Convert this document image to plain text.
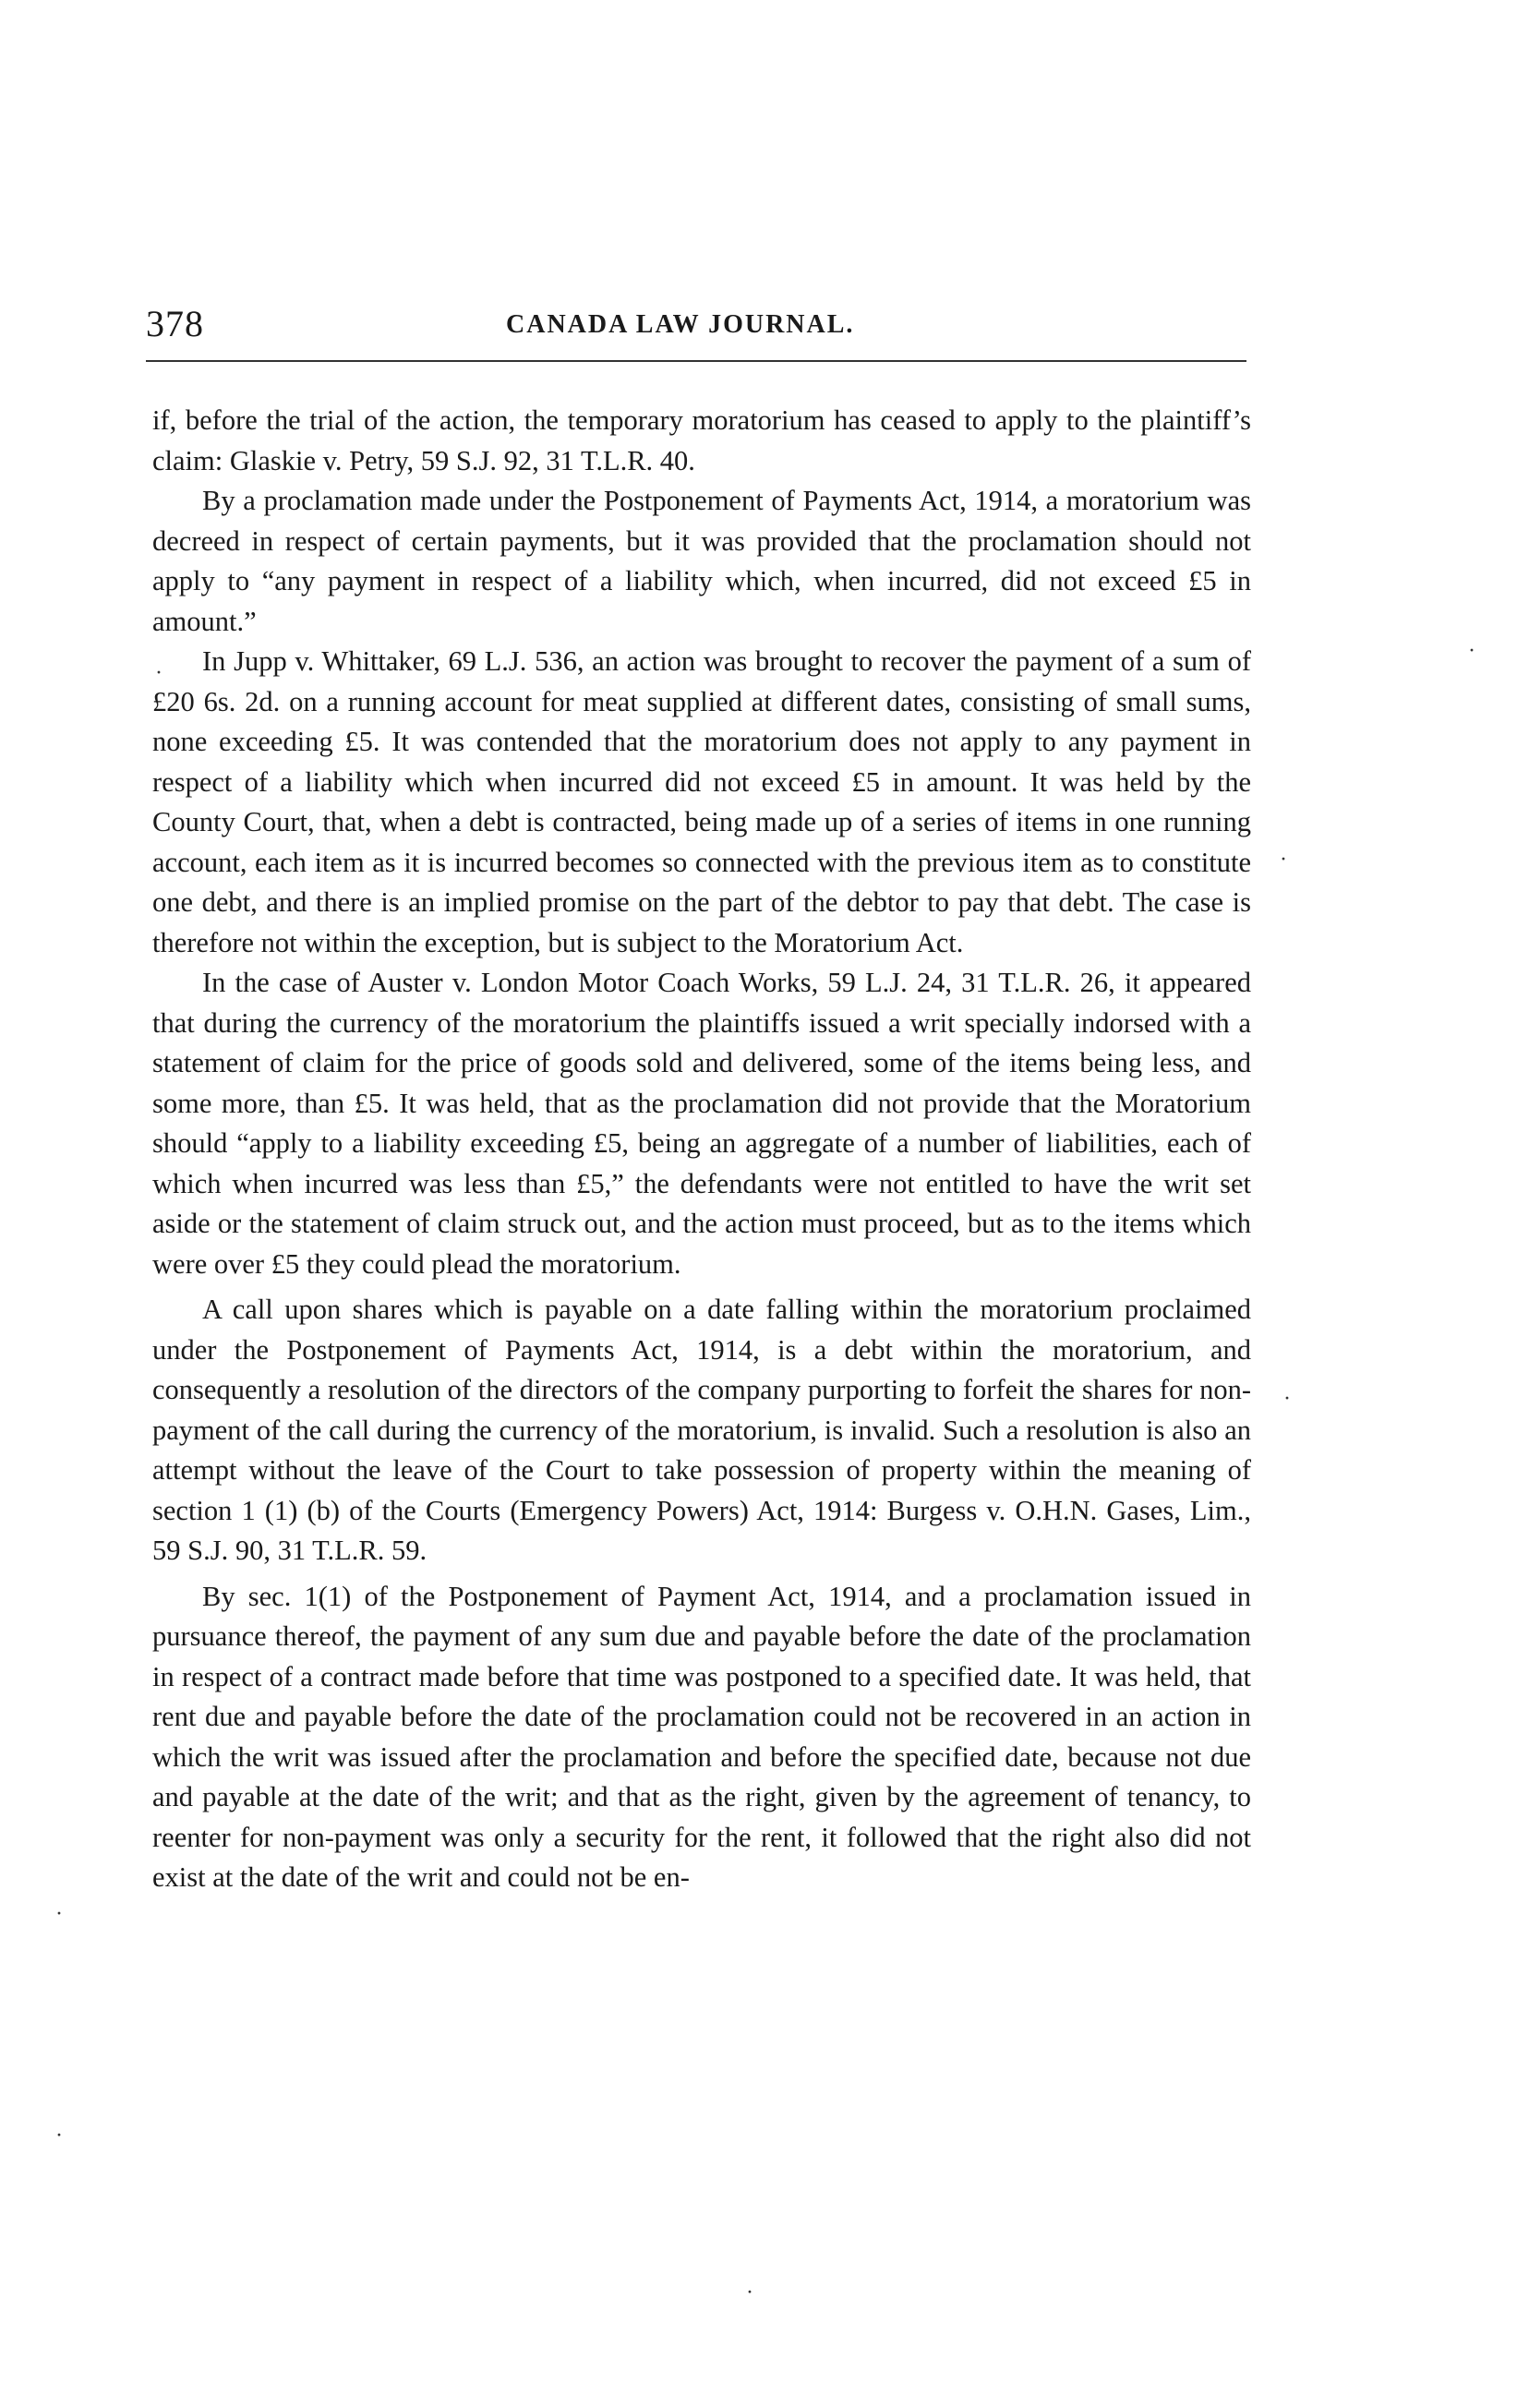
378	CANADA LAW JOURNAL.

if, before the trial of the action, the temporary moratorium has ceased to apply to the plaintiff’s claim: Glaskie v. Petry, 59 S.J. 92, 31 T.L.R. 40.

By a proclamation made under the Postponement of Payments Act, 1914, a moratorium was decreed in respect of certain payments, but it was provided that the proclamation should not apply to “any payment in respect of a liability which, when incurred, did not exceed £5 in amount.”

In Jupp v. Whittaker, 69 L.J. 536, an action was brought to recover the payment of a sum of £20 6s. 2d. on a running account for meat supplied at different dates, consisting of small sums, none exceeding £5. It was contended that the moratorium does not apply to any payment in respect of a liability which when incurred did not exceed £5 in amount. It was held by the County Court, that, when a debt is contracted, being made up of a series of items in one running account, each item as it is incurred becomes so connected with the previous item as to constitute one debt, and there is an implied promise on the part of the debtor to pay that debt. The case is therefore not within the exception, but is subject to the Moratorium Act.

In the case of Auster v. London Motor Coach Works, 59 L.J. 24, 31 T.L.R. 26, it appeared that during the currency of the moratorium the plaintiffs issued a writ specially indorsed with a statement of claim for the price of goods sold and delivered, some of the items being less, and some more, than £5. It was held, that as the proclamation did not provide that the Moratorium should “apply to a liability exceeding £5, being an aggregate of a number of liabilities, each of which when incurred was less than £5,” the defendants were not entitled to have the writ set aside or the statement of claim struck out, and the action must proceed, but as to the items which were over £5 they could plead the moratorium.

A call upon shares which is payable on a date falling within the moratorium proclaimed under the Postponement of Payments Act, 1914, is a debt within the moratorium, and consequently a resolution of the directors of the company purporting to forfeit the shares for non-payment of the call during the currency of the moratorium, is invalid. Such a resolution is also an attempt without the leave of the Court to take possession of property within the meaning of section 1 (1) (b) of the Courts (Emergency Powers) Act, 1914: Burgess v. O.H.N. Gases, Lim., 59 S.J. 90, 31 T.L.R. 59.

By sec. 1(1) of the Postponement of Payment Act, 1914, and a proclamation issued in pursuance thereof, the payment of any sum due and payable before the date of the proclamation in respect of a contract made before that time was postponed to a specified date. It was held, that rent due and payable before the date of the proclamation could not be recovered in an action in which the writ was issued after the proclamation and before the specified date, because not due and payable at the date of the writ; and that as the right, given by the agreement of tenancy, to reenter for non-payment was only a security for the rent, it followed that the right also did not exist at the date of the writ and could not be en-

·
·
·
·
·
·
·
